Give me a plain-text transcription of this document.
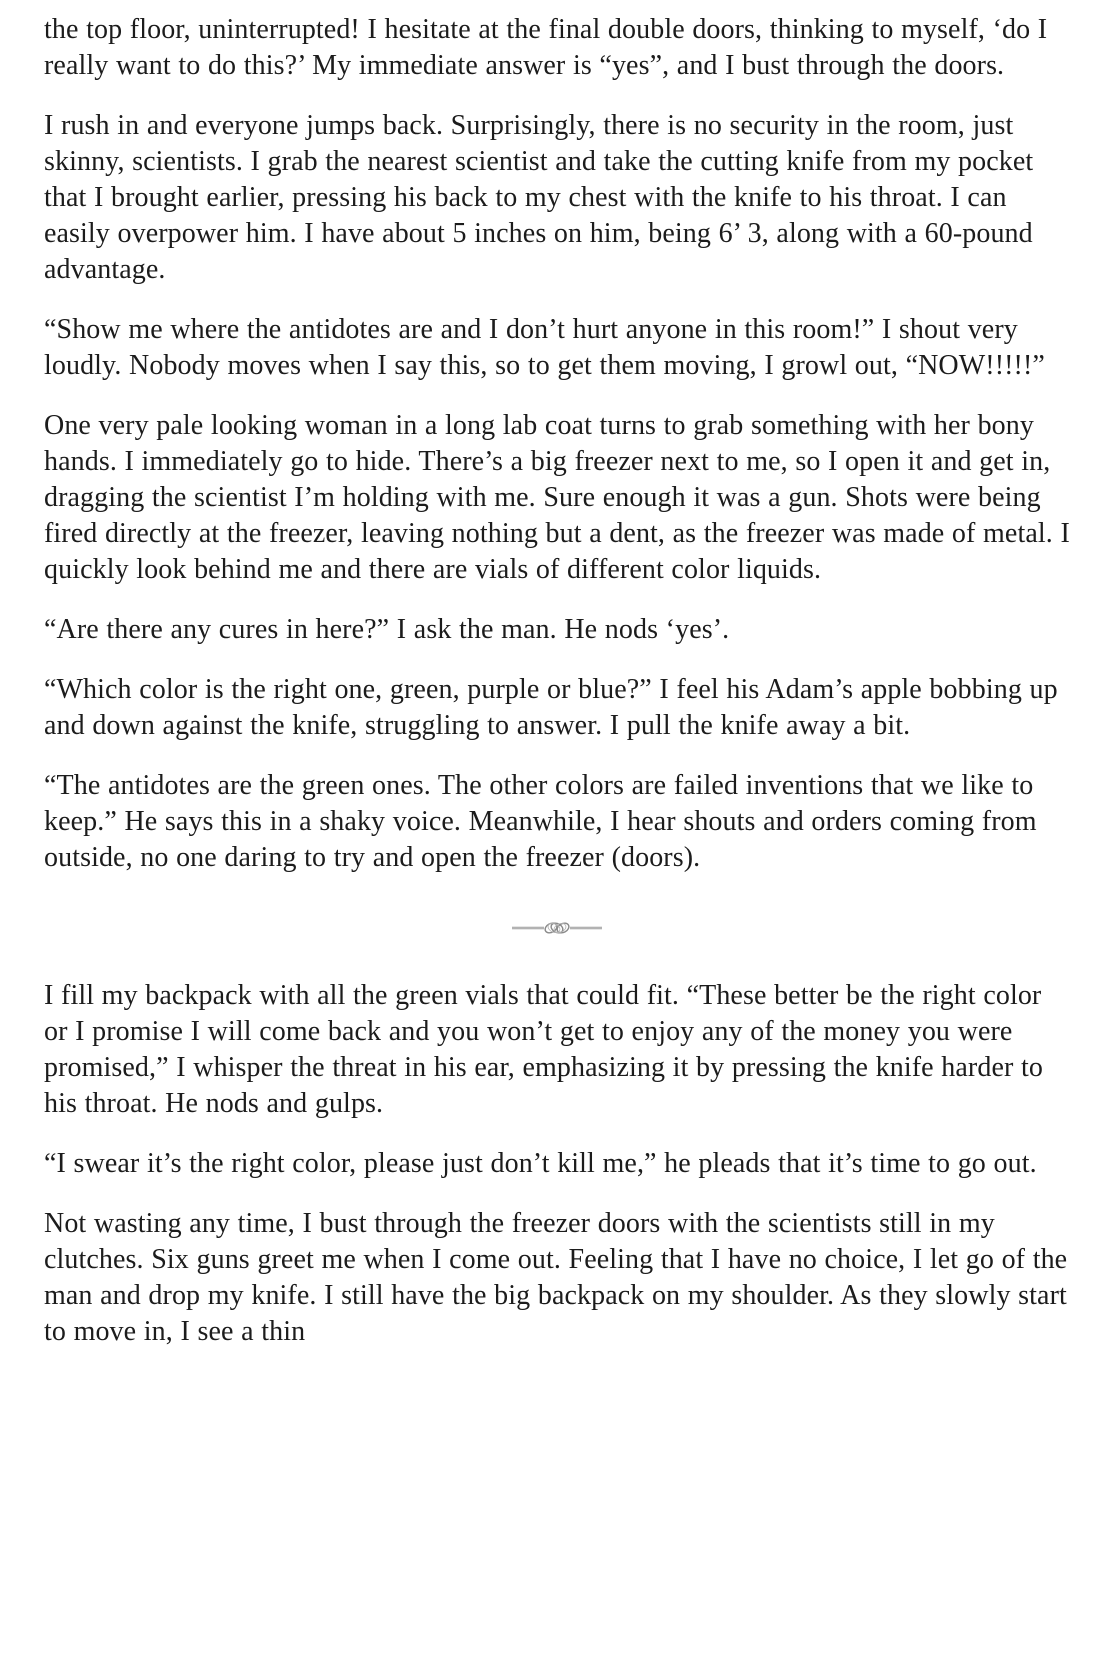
the top floor, uninterrupted! I hesitate at the final double doors, thinking to myself, ‘do I really want to do this?’ My immediate answer is “yes”, and I bust through the doors.

I rush in and everyone jumps back. Surprisingly, there is no security in the room, just skinny, scientists. I grab the nearest scientist and take the cutting knife from my pocket that I brought earlier, pressing his back to my chest with the knife to his throat. I can easily overpower him. I have about 5 inches on him, being 6’ 3, along with a 60-pound advantage.

“Show me where the antidotes are and I don’t hurt anyone in this room!” I shout very loudly. Nobody moves when I say this, so to get them moving, I growl out, “NOW!!!!!”

One very pale looking woman in a long lab coat turns to grab something with her bony hands. I immediately go to hide. There’s a big freezer next to me, so I open it and get in, dragging the scientist I’m holding with me. Sure enough it was a gun. Shots were being fired directly at the freezer, leaving nothing but a dent, as the freezer was made of metal. I quickly look behind me and there are vials of different color liquids.

“Are there any cures in here?” I ask the man. He nods ‘yes’.

“Which color is the right one, green, purple or blue?” I feel his Adam’s apple bobbing up and down against the knife, struggling to answer. I pull the knife away a bit.

“The antidotes are the green ones. The other colors are failed inventions that we like to keep.” He says this in a shaky voice. Meanwhile, I hear shouts and orders coming from outside, no one daring to try and open the freezer (doors).

I fill my backpack with all the green vials that could fit. “These better be the right color or I promise I will come back and you won’t get to enjoy any of the money you were promised,” I whisper the threat in his ear, emphasizing it by pressing the knife harder to his throat. He nods and gulps.

“I swear it’s the right color, please just don’t kill me,” he pleads that it’s time to go out.

Not wasting any time, I bust through the freezer doors with the scientists still in my clutches. Six guns greet me when I come out. Feeling that I have no choice, I let go of the man and drop my knife. I still have the big backpack on my shoulder. As they slowly start to move in, I see a thin
